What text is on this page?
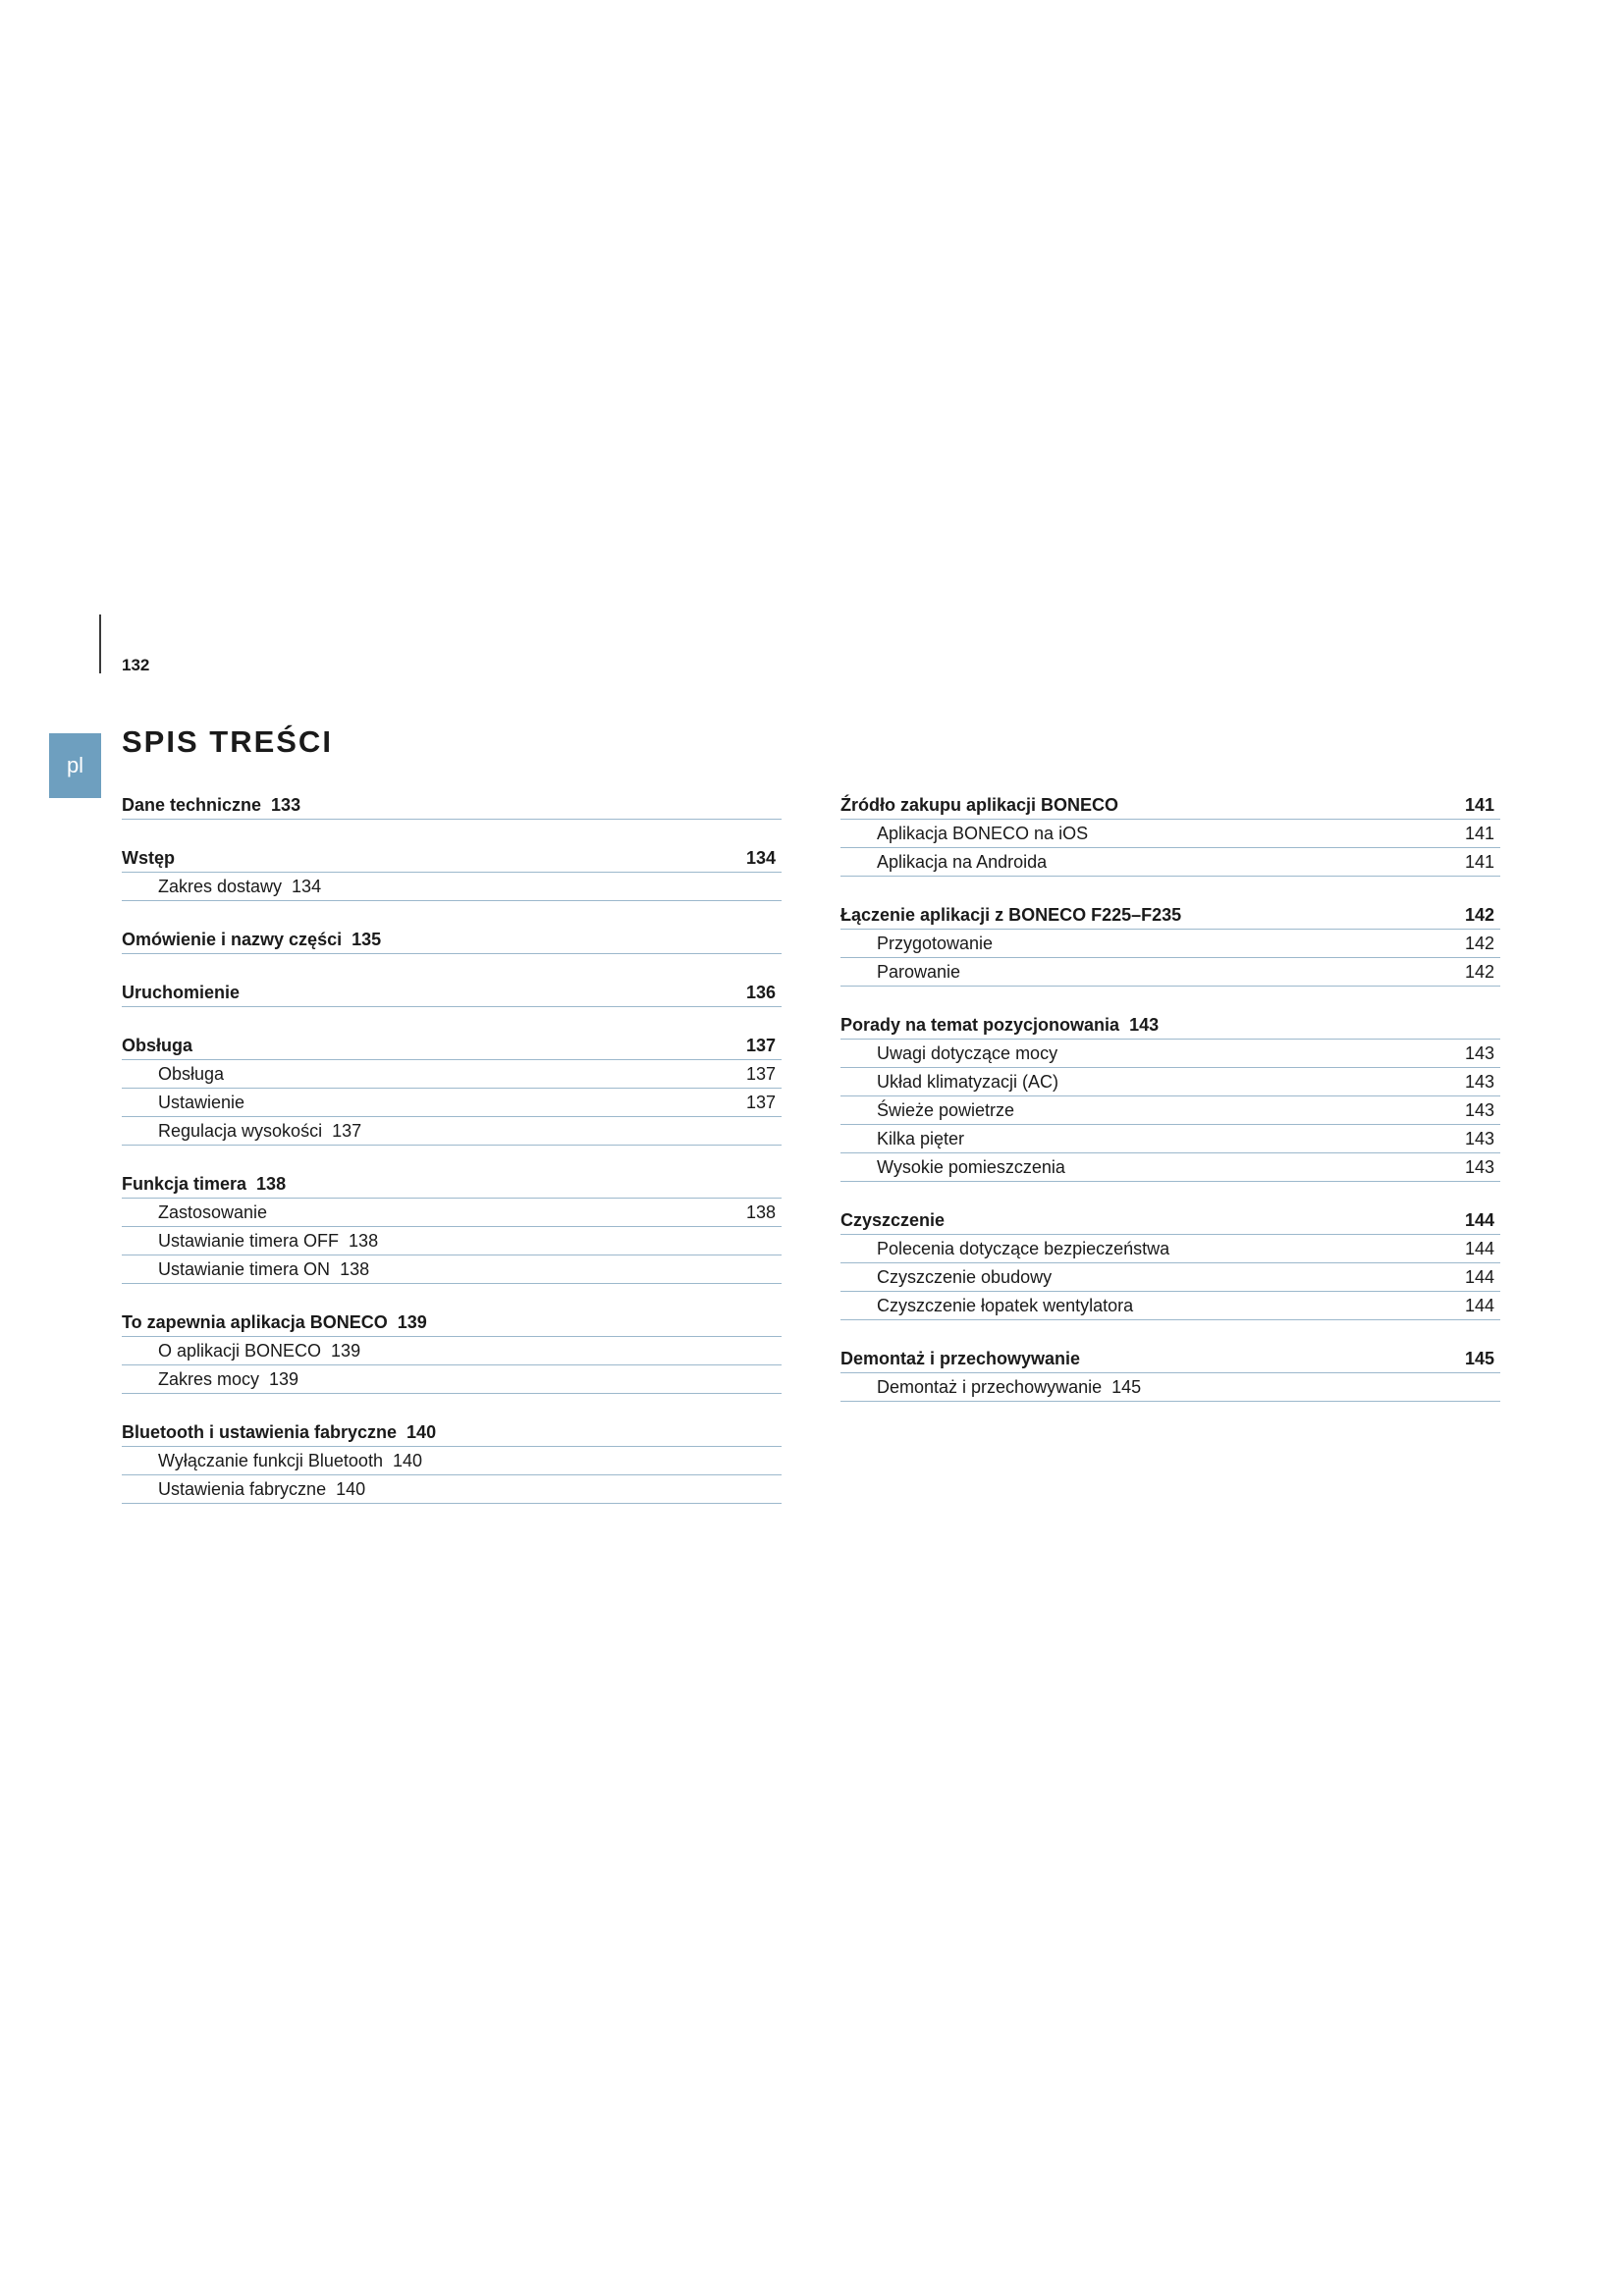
132
pl
SPIS TREŚCI
Dane techniczne 133
Wstęp	134
Zakres dostawy 134
Omówienie i nazwy części 135
Uruchomienie	136
Obsługa	137
Obsługa	137
Ustawienie	137
Regulacja wysokości 137
Funkcja timera 138
Zastosowanie	138
Ustawianie timera OFF 138
Ustawianie timera ON 138
To zapewnia aplikacja BONECO 139
O aplikacji BONECO 139
Zakres mocy 139
Bluetooth i ustawienia fabryczne 140
Wyłączanie funkcji Bluetooth 140
Ustawienia fabryczne 140
Źródło zakupu aplikacji BONECO	141
Aplikacja BONECO na iOS	141
Aplikacja na Androida	141
Łączenie aplikacji z BONECO F225–F235	142
Przygotowanie	142
Parowanie	142
Porady na temat pozycjonowania 143
Uwagi dotyczące mocy	143
Układ klimatyzacji (AC)	143
Świeże powietrze	143
Kilka pięter	143
Wysokie pomieszczenia	143
Czyszczenie	144
Polecenia dotyczące bezpieczeństwa	144
Czyszczenie obudowy	144
Czyszczenie łopatek wentylatora	144
Demontaż i przechowywanie	145
Demontaż i przechowywanie 145
